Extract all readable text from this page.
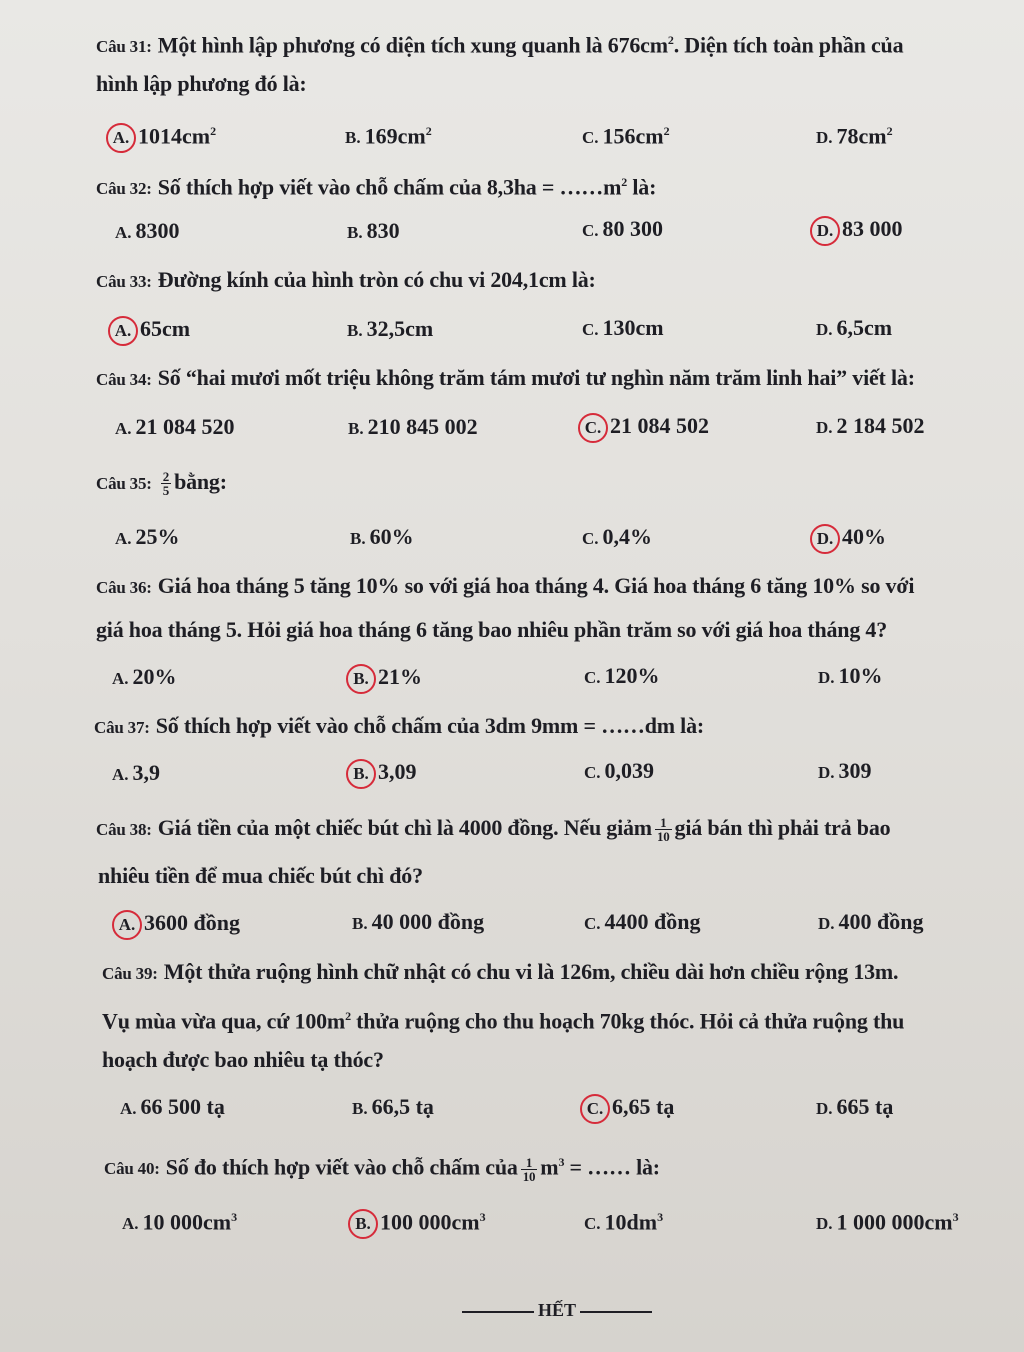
Câu 31: Một hình lập phương có diện tích xung quanh là $676cm^2$. Diện tích toàn phần của
hình lập phương đó là:
A. $1014cm^2$	B. $169cm^2$	C. $156cm^2$	D. $78cm^2$
Câu 32: Số thích hợp viết vào chỗ chấm của $8,3ha = \dots\dots m^2$ là:
A. 8300	B. 830	C. 80 300	D. 83 000
Câu 33: Đường kính của hình tròn có chu vi 204,1cm là:
A. 65cm	B. 32,5cm	C. 130cm	D. 6,5cm
Câu 34: Số “hai mươi mốt triệu không trăm tám mươi tư nghìn năm trăm linh hai” viết là:
A. 21 084 520	B. 210 845 002	C. 21 084 502	D. 2 184 502
Câu 35: $\frac{2}{5}$ bằng:
A. 25%	B. 60%	C. 0,4%	D. 40%
Câu 36: Giá hoa tháng 5 tăng 10% so với giá hoa tháng 4. Giá hoa tháng 6 tăng 10% so với
giá hoa tháng 5. Hỏi giá hoa tháng 6 tăng bao nhiêu phần trăm so với giá hoa tháng 4?
A. 20%	B. 21%	C. 120%	D. 10%
Câu 37: Số thích hợp viết vào chỗ chấm của 3dm 9mm = ……dm là:
A. 3,9	B. 3,09	C. 0,039	D. 309
Câu 38: Giá tiền của một chiếc bút chì là 4000 đồng. Nếu giảm $\frac{1}{10}$ giá bán thì phải trả bao
nhiêu tiền để mua chiếc bút chì đó?
A. 3600 đồng	B. 40 000 đồng	C. 4400 đồng	D. 400 đồng
Câu 39: Một thửa ruộng hình chữ nhật có chu vi là 126m, chiều dài hơn chiều rộng 13m.
Vụ mùa vừa qua, cứ $100m^2$ thửa ruộng cho thu hoạch 70kg thóc. Hỏi cả thửa ruộng thu
hoạch được bao nhiêu tạ thóc?
A. 66 500 tạ	B. 66,5 tạ	C. 6,65 tạ	D. 665 tạ
Câu 40: Số đo thích hợp viết vào chỗ chấm của $\frac{1}{10} m^3$ = …… là:
A. 10 $000cm^3$	B. 100 $000cm^3$	C. $10dm^3$	D. 1 000 $000cm^3$
HẾT
